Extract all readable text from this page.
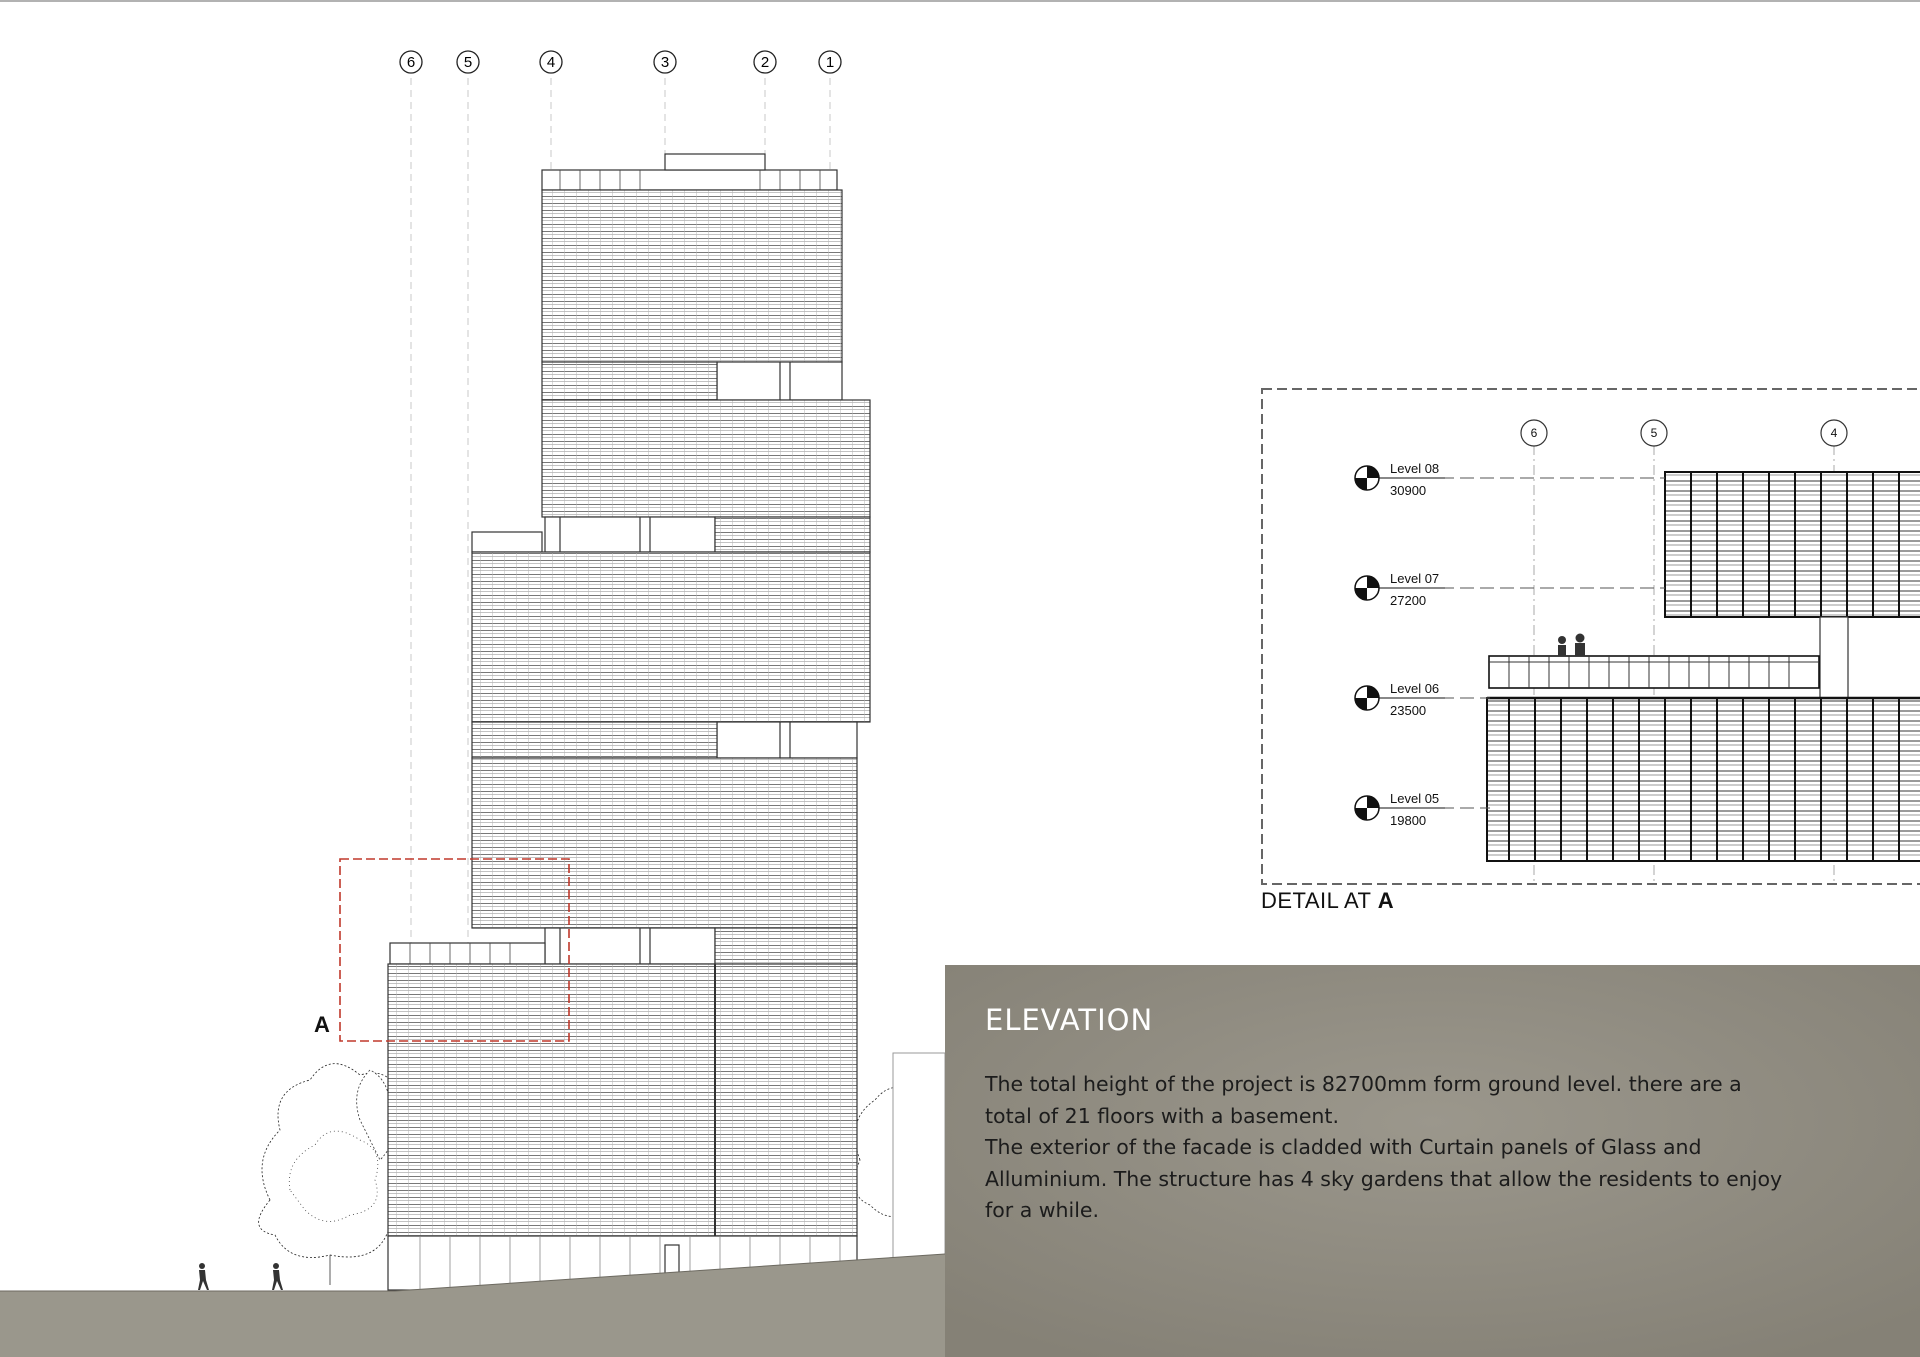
6	5	4	3	2	1
Level 08
30900
Level 07
27200
Level 06
23500
Level 05
19800
6	5	4
A
DETAIL AT A
ELEVATION

The total height of the project is 82700mm form ground level. there are a total of 21 floors with a basement.

The exterior of the facade is cladded with Curtain panels of Glass and Alluminium. The structure has 4 sky gardens that allow the residents to enjoy for a while.
